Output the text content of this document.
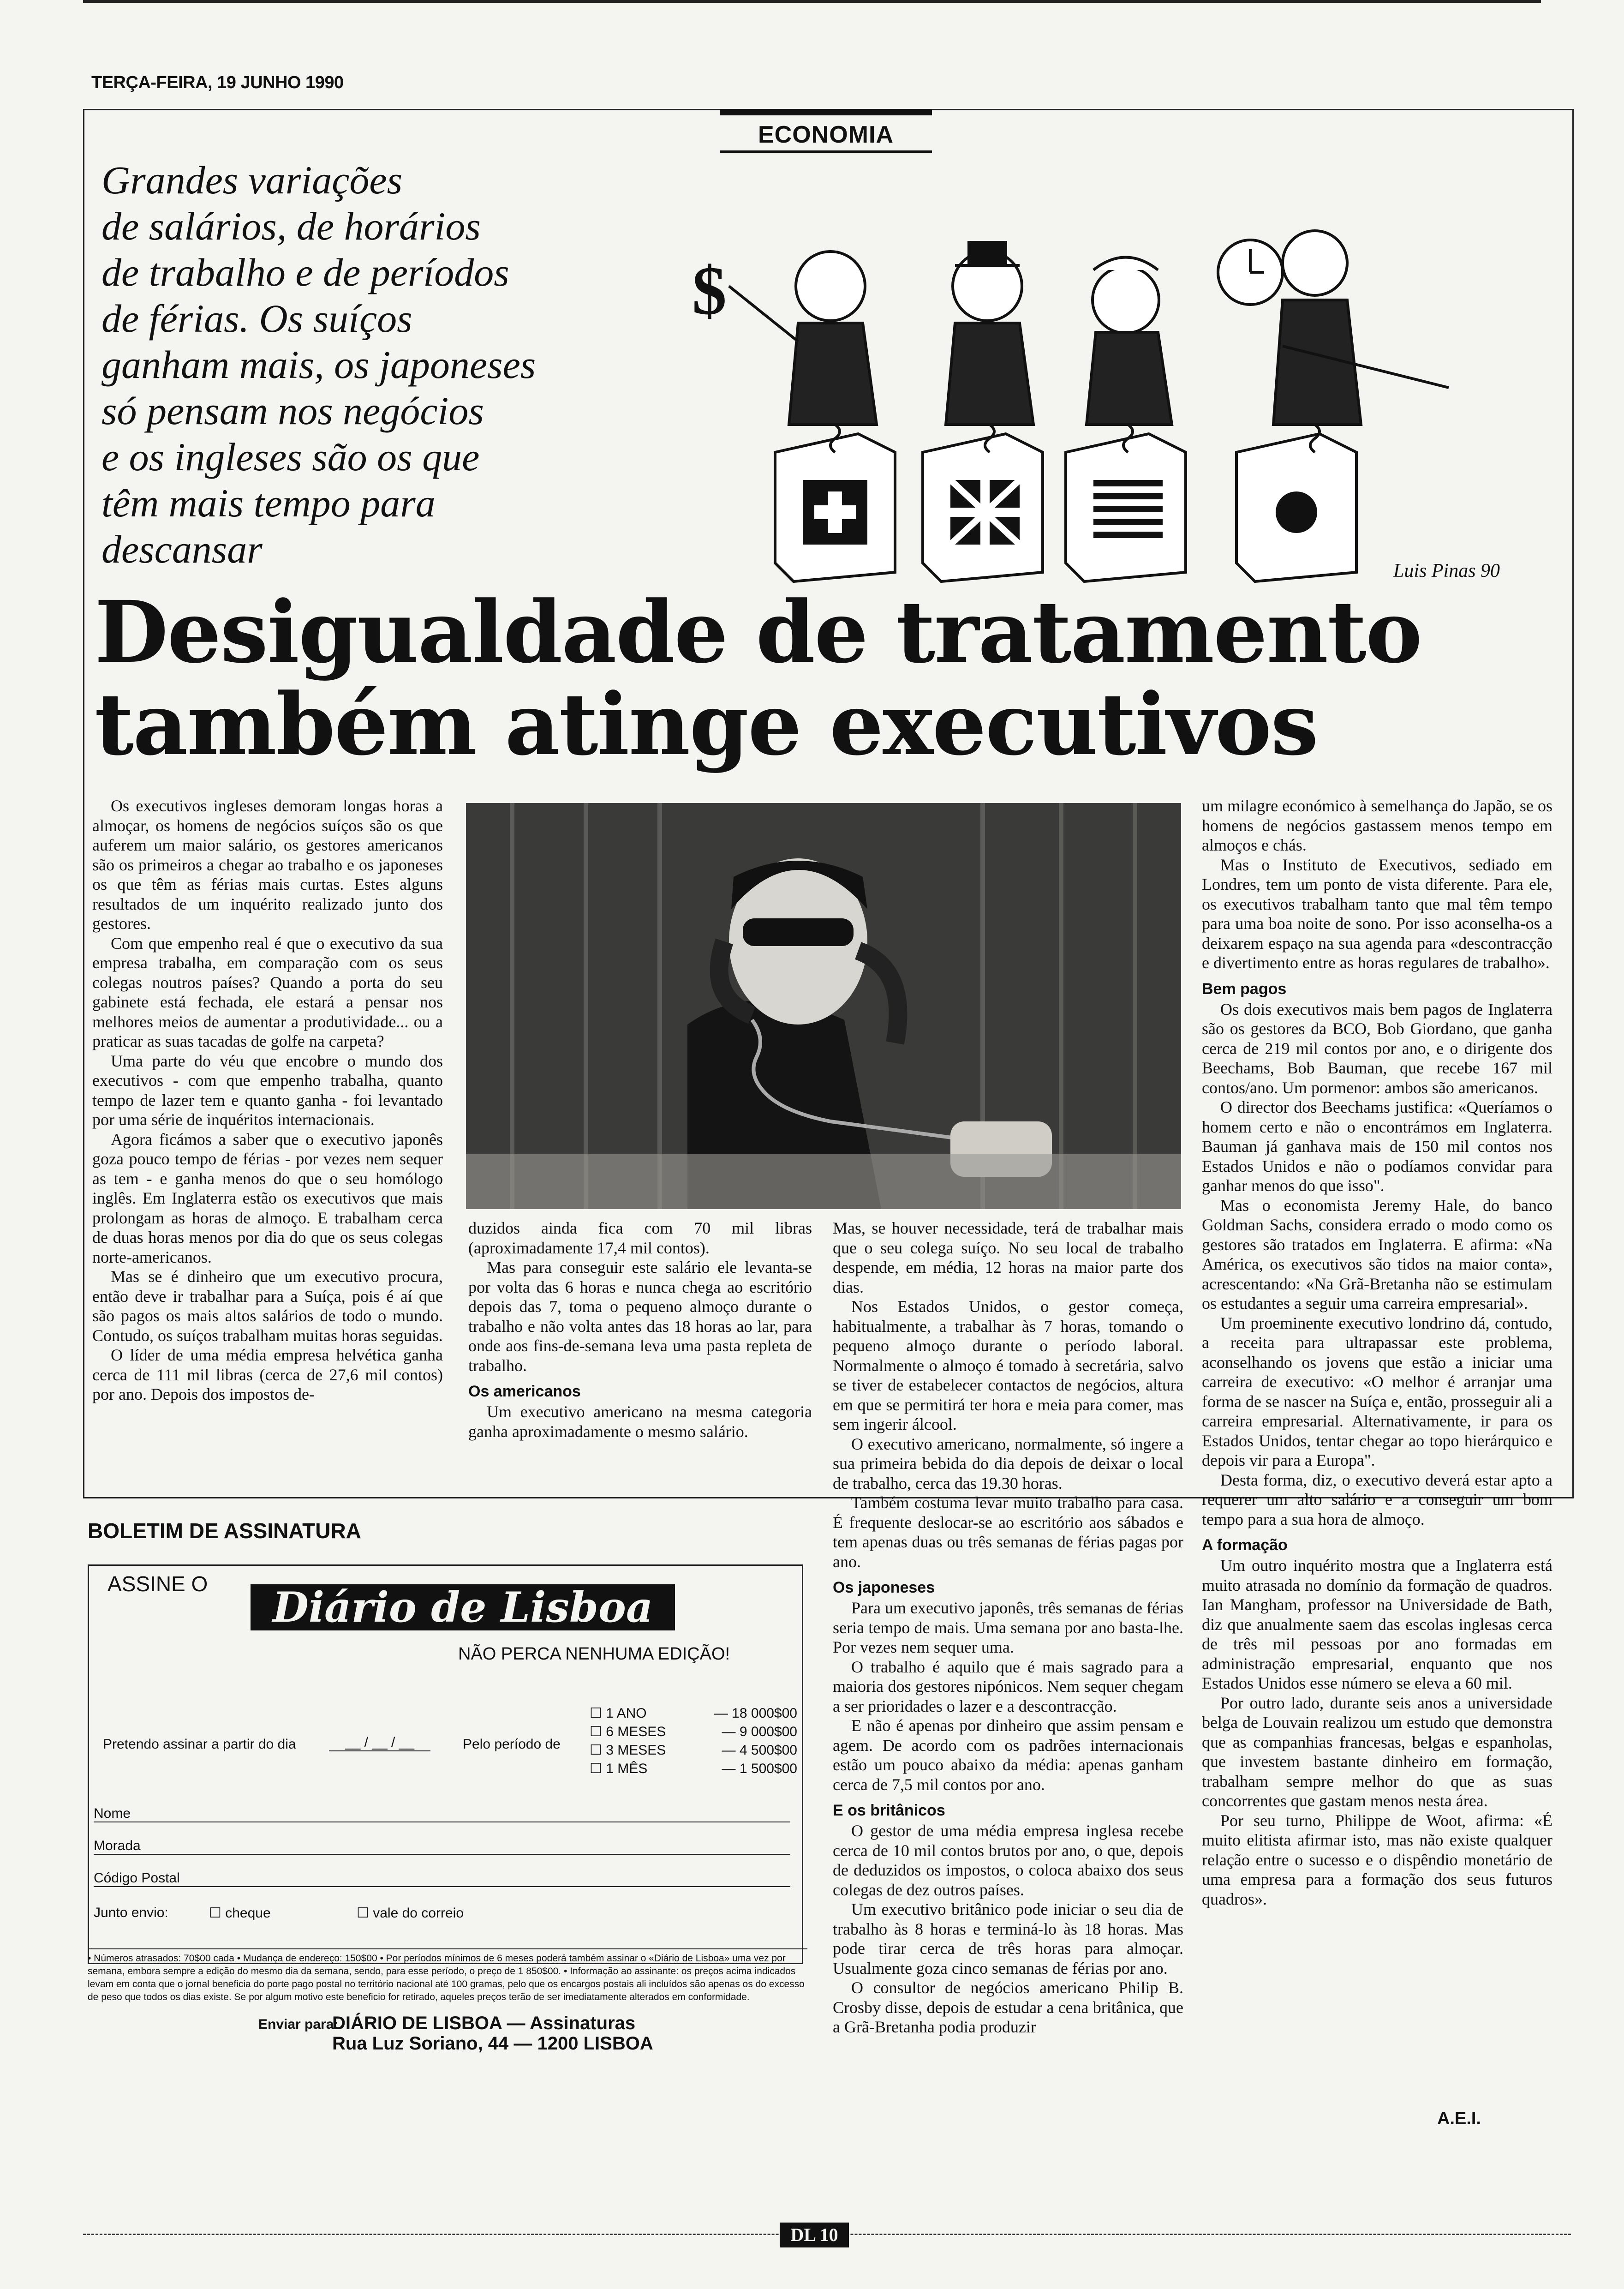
TERÇA-FEIRA, 19 JUNHO 1990
ECONOMIA
Grandes variações
de salários, de horários
de trabalho e de períodos
de férias. Os suíços
ganham mais, os japoneses
só pensam nos negócios
e os ingleses são os que
têm mais tempo para
descansar
$
Luis Pinas 90
Desigualdade de tratamento
também atinge executivos

Os executivos ingleses demoram longas horas a almoçar, os homens de negócios suíços são os que auferem um maior salário, os gestores americanos são os primeiros a chegar ao trabalho e os japoneses os que têm as férias mais curtas. Estes alguns resultados de um inquérito realizado junto dos gestores.

Com que empenho real é que o executivo da sua empresa trabalha, em comparação com os seus colegas noutros países? Quando a porta do seu gabinete está fechada, ele estará a pensar nos melhores meios de aumentar a produtividade... ou a praticar as suas tacadas de golfe na carpeta?

Uma parte do véu que encobre o mundo dos executivos - com que empenho trabalha, quanto tempo de lazer tem e quanto ganha - foi levantado por uma série de inquéritos internacionais.

Agora ficámos a saber que o executivo japonês goza pouco tempo de férias - por vezes nem sequer as tem - e ganha menos do que o seu homólogo inglês. Em Inglaterra estão os executivos que mais prolongam as horas de almoço. E trabalham cerca de duas horas menos por dia do que os seus colegas norte-americanos.

Mas se é dinheiro que um executivo procura, então deve ir trabalhar para a Suíça, pois é aí que são pagos os mais altos salários de todo o mundo. Contudo, os suíços trabalham muitas horas seguidas.

O líder de uma média empresa helvética ganha cerca de 111 mil libras (cerca de 27,6 mil contos) por ano. Depois dos impostos de-

duzidos ainda fica com 70 mil libras (aproximadamente 17,4 mil contos).

Mas para conseguir este salário ele levanta-se por volta das 6 horas e nunca chega ao escritório depois das 7, toma o pequeno almoço durante o trabalho e não volta antes das 18 horas ao lar, para onde aos fins-de-semana leva uma pasta repleta de trabalho.

Os americanos

Um executivo americano na mesma categoria ganha aproximadamente o mesmo salário.

Mas, se houver necessidade, terá de trabalhar mais que o seu colega suíço. No seu local de trabalho despende, em média, 12 horas na maior parte dos dias.

Nos Estados Unidos, o gestor começa, habitualmente, a trabalhar às 7 horas, tomando o pequeno almoço durante o período laboral. Normalmente o almoço é tomado à secretária, salvo se tiver de estabelecer contactos de negócios, altura em que se permitirá ter hora e meia para comer, mas sem ingerir álcool.

O executivo americano, normalmente, só ingere a sua primeira bebida do dia depois de deixar o local de trabalho, cerca das 19.30 horas.

Também costuma levar muito trabalho para casa. É frequente deslocar-se ao escritório aos sábados e tem apenas duas ou três semanas de férias pagas por ano.

Os japoneses

Para um executivo japonês, três semanas de férias seria tempo de mais. Uma semana por ano basta-lhe. Por vezes nem sequer uma.

O trabalho é aquilo que é mais sagrado para a maioria dos gestores nipónicos. Nem sequer chegam a ser prioridades o lazer e a descontracção.

E não é apenas por dinheiro que assim pensam e agem. De acordo com os padrões internacionais estão um pouco abaixo da média: apenas ganham cerca de 7,5 mil contos por ano.

E os britânicos

O gestor de uma média empresa inglesa recebe cerca de 10 mil contos brutos por ano, o que, depois de deduzidos os impostos, o coloca abaixo dos seus colegas de dez outros países.

Um executivo britânico pode iniciar o seu dia de trabalho às 8 horas e terminá-lo às 18 horas. Mas pode tirar cerca de três horas para almoçar. Usualmente goza cinco semanas de férias por ano.

O consultor de negócios americano Philip B. Crosby disse, depois de estudar a cena britânica, que a Grã-Bretanha podia produzir

um milagre económico à semelhança do Japão, se os homens de negócios gastassem menos tempo em almoços e chás.

Mas o Instituto de Executivos, sediado em Londres, tem um ponto de vista diferente. Para ele, os executivos trabalham tanto que mal têm tempo para uma boa noite de sono. Por isso aconselha-os a deixarem espaço na sua agenda para «descontracção e divertimento entre as horas regulares de trabalho».

Bem pagos

Os dois executivos mais bem pagos de Inglaterra são os gestores da BCO, Bob Giordano, que ganha cerca de 219 mil contos por ano, e o dirigente dos Beechams, Bob Bauman, que recebe 167 mil contos/ano. Um pormenor: ambos são americanos.

O director dos Beechams justifica: «Queríamos o homem certo e não o encontrámos em Inglaterra. Bauman já ganhava mais de 150 mil contos nos Estados Unidos e não o podíamos convidar para ganhar menos do que isso".

Mas o economista Jeremy Hale, do banco Goldman Sachs, considera errado o modo como os gestores são tratados em Inglaterra. E afirma: «Na América, os executivos são tidos na maior conta», acrescentando: «Na Grã-Bretanha não se estimulam os estudantes a seguir uma carreira empresarial».

Um proeminente executivo londrino dá, contudo, a receita para ultrapassar este problema, aconselhando os jovens que estão a iniciar uma carreira de executivo: «O melhor é arranjar uma forma de se nascer na Suíça e, então, prosseguir ali a carreira empresarial. Alternativamente, ir para os Estados Unidos, tentar chegar ao topo hierárquico e depois vir para a Europa".

Desta forma, diz, o executivo deverá estar apto a requerer um alto salário e a conseguir um bom tempo para a sua hora de almoço.

A formação

Um outro inquérito mostra que a Inglaterra está muito atrasada no domínio da formação de quadros. Ian Mangham, professor na Universidade de Bath, diz que anualmente saem das escolas inglesas cerca de três mil pessoas por ano formadas em administração empresarial, enquanto que nos Estados Unidos esse número se eleva a 60 mil.

Por outro lado, durante seis anos a universidade belga de Louvain realizou um estudo que demonstra que as companhias francesas, belgas e espanholas, que investem bastante dinheiro em formação, trabalham sempre melhor do que as suas concorrentes que gastam menos nesta área.

Por seu turno, Philippe de Woot, afirma: «É muito elitista afirmar isto, mas não existe qualquer relação entre o sucesso e o dispêndio monetário de uma empresa para a formação dos seus futuros quadros».

A.E.I.
BOLETIM DE ASSINATURA
ASSINE O	Diário de Lisboa
NÃO PERCA NENHUMA EDIÇÃO!
Pretendo assinar a partir do dia	__ / __ / __	Pelo período de
☐ 1 ANO	— 18 000$00
☐ 6 MESES	— 9 000$00
☐ 3 MESES	— 4 500$00
☐ 1 MÊS	— 1 500$00
Nome
Morada
Código Postal
Junto envio:	☐ cheque	☐ vale do correio
• Números atrasados: 70$00 cada • Mudança de endereço: 150$00 • Por períodos mínimos de 6 meses poderá também assinar o «Diário de Lisboa» uma vez por semana, embora sempre a edição do mesmo dia da semana, sendo, para esse período, o preço de 1 850$00. • Informação ao assinante: os preços acima indicados levam em conta que o jornal beneficia do porte pago postal no território nacional até 100 gramas, pelo que os encargos postais ali incluídos são apenas os do excesso de peso que todos os dias existe. Se por algum motivo este beneficio for retirado, aqueles preços terão de ser imediatamente alterados em conformidade.
Enviar para:
DIÁRIO DE LISBOA — Assinaturas
Rua Luz Soriano, 44 — 1200 LISBOA
DL 10
